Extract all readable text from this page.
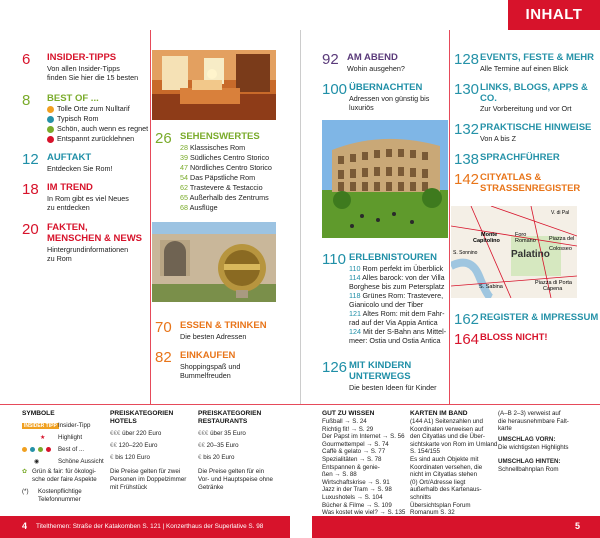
INHALT
6 INSIDER-TIPPS
Von allen Insider-Tipps
finden Sie hier die 15 besten
8 BEST OF ...
Tolle Orte zum Nulltarif
Typisch Rom
Schön, auch wenn es regnet
Entspannt zurücklehnen
12 AUFTAKT
Entdecken Sie Rom!
18 IM TREND
In Rom gibt es viel Neues
zu entdecken
20 FAKTEN, MENSCHEN & NEWS
Hintergrundinformationen
zu Rom
26 SEHENSWERTES
28 Klassisches Rom
39 Südliches Centro Storico
47 Nördliches Centro Storico
54 Das Päpstliche Rom
62 Trastevere & Testaccio
65 Außerhalb des Zentrums
68 Ausflüge
70 ESSEN & TRINKEN
Die besten Adressen
82 EINKAUFEN
Shoppingspaß und
Bummelfreuden
92 AM ABEND
Wohin ausgehen?
100 ÜBERNACHTEN
Adressen von günstig bis
luxuriös
110 ERLEBNISTOUREN
110 Rom perfekt im Überblick
114 Alles barock: von der Villa
Borghese bis zum Petersplatz
118 Grünes Rom: Trastevere,
Gianicolo und der Tiber
121 Altes Rom: mit dem Fahr-
rad auf der Via Appia Antica
124 Mit der S-Bahn ans Mittel-
meer: Ostia und Ostia Antica
126 MIT KINDERN
UNTERWEGS
Die besten Ideen für Kinder
128 EVENTS, FESTE & MEHR
Alle Termine auf einen Blick
130 LINKS, BLOGS, APPS & CO.
Zur Vorbereitung und vor Ort
132 PRAKTISCHE HINWEISE
Von A bis Z
138 SPRACHFÜHRER
142 CITYATLAS & STRASSENREGISTER
Monte
Capitolino
Foro
Romano Piazza del
Colosseo
Palatino
S. Sonnino
S. Sabina
Piazza di Porta
Capena
V. di Pal
162 REGISTER & IMPRESSUM
164 BLOSS NICHT!
SYMBOLE
INSIDER TIPP Insider-Tipp
★ Highlight
Best of ...
◉	Schöne Aussicht
✿ Grün & fair: für ökologi-
sche oder faire Aspekte
(*) Kostenpflichtige
Telefonnummer
PREISKATEGORIEN
HOTELS
€€€ über 220 Euro
€€ 120–220 Euro
€ bis 120 Euro
Die Preise gelten für zwei
Personen im Doppelzimmer
mit Frühstück
PREISKATEGORIEN
RESTAURANTS
€€€ über 35 Euro
€€ 20–35 Euro
€ bis 20 Euro
Die Preise gelten für ein
Vor- und Hauptspeise ohne
Getränke
GUT ZU WISSEN
Fußball → S. 24
Richtig fit! → S. 29
Der Papst im Internet → S. 56
Gourmettempel → S. 74
Caffè & gelato → S. 77
Spezialitäten → S. 78
Entspannen & genie-
ßen → S. 88
Wirtschaftskrise → S. 91
Jazz in der Tram → S. 98
Luxushotels → S. 104
Bücher & Filme → S. 109
Was kostet wie viel? → S. 135
KARTEN IM BAND
(144 A1) Seitenzahlen und
Koordinaten verweisen auf
den Cityatlas und die Über-
sichtskarte von Rom im Umland
S. 154/155
Es sind auch Objekte mit
Koordinaten versehen, die
nicht im Cityatlas stehen
(0) Ort/Adresse liegt
außerhalb des Kartenaus-
schnitts
Übersichtsplan Forum
Romanum S. 32
(A–B 2–3) verweist auf
die herausnehmbare Falt-
karte
UMSCHLAG VORN:
Die wichtigsten Highlights
UMSCHLAG HINTEN:
Schnellbahnplan Rom
4 Titelthemen: Straße der Katakomben S. 121 | Konzerthaus der Superlative S. 98	5
